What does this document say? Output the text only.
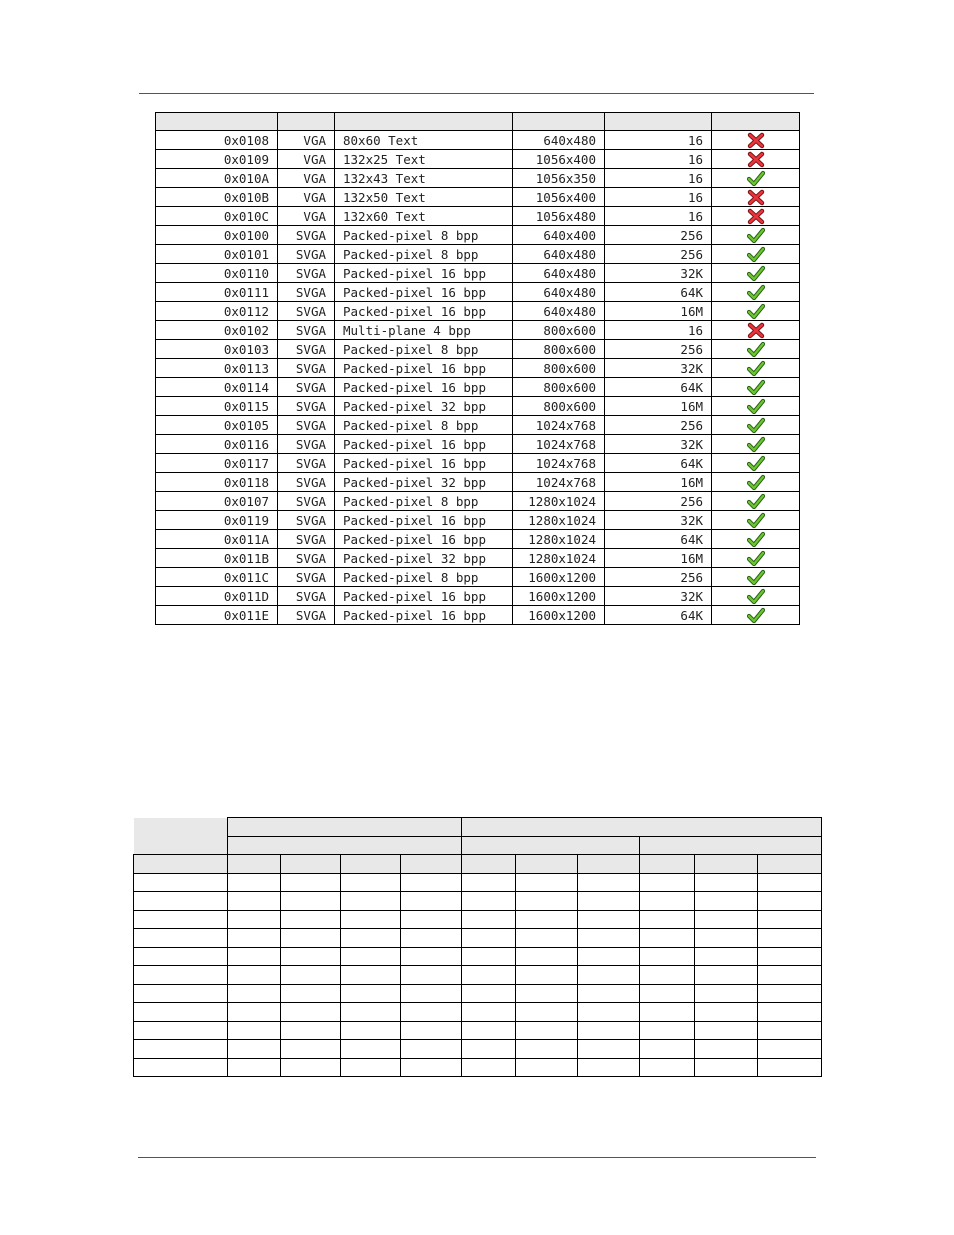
0x0108	VGA	80x60 Text	640x480	16	

0x0109	VGA	132x25 Text	1056x400	16	

0x010A	VGA	132x43 Text	1056x350	16	

0x010B	VGA	132x50 Text	1056x400	16	

0x010C	VGA	132x60 Text	1056x480	16	

0x0100	SVGA	Packed-pixel 8 bpp	640x400	256	

0x0101	SVGA	Packed-pixel 8 bpp	640x480	256	

0x0110	SVGA	Packed-pixel 16 bpp	640x480	32K	

0x0111	SVGA	Packed-pixel 16 bpp	640x480	64K	

0x0112	SVGA	Packed-pixel 16 bpp	640x480	16M	

0x0102	SVGA	Multi-plane 4 bpp	800x600	16	

0x0103	SVGA	Packed-pixel 8 bpp	800x600	256	

0x0113	SVGA	Packed-pixel 16 bpp	800x600	32K	

0x0114	SVGA	Packed-pixel 16 bpp	800x600	64K	

0x0115	SVGA	Packed-pixel 32 bpp	800x600	16M	

0x0105	SVGA	Packed-pixel 8 bpp	1024x768	256	

0x0116	SVGA	Packed-pixel 16 bpp	1024x768	32K	

0x0117	SVGA	Packed-pixel 16 bpp	1024x768	64K	

0x0118	SVGA	Packed-pixel 32 bpp	1024x768	16M	

0x0107	SVGA	Packed-pixel 8 bpp	1280x1024	256	

0x0119	SVGA	Packed-pixel 16 bpp	1280x1024	32K	

0x011A	SVGA	Packed-pixel 16 bpp	1280x1024	64K	

0x011B	SVGA	Packed-pixel 32 bpp	1280x1024	16M	

0x011C	SVGA	Packed-pixel 8 bpp	1600x1200	256	

0x011D	SVGA	Packed-pixel 16 bpp	1600x1200	32K	

0x011E	SVGA	Packed-pixel 16 bpp	1600x1200	64K	
